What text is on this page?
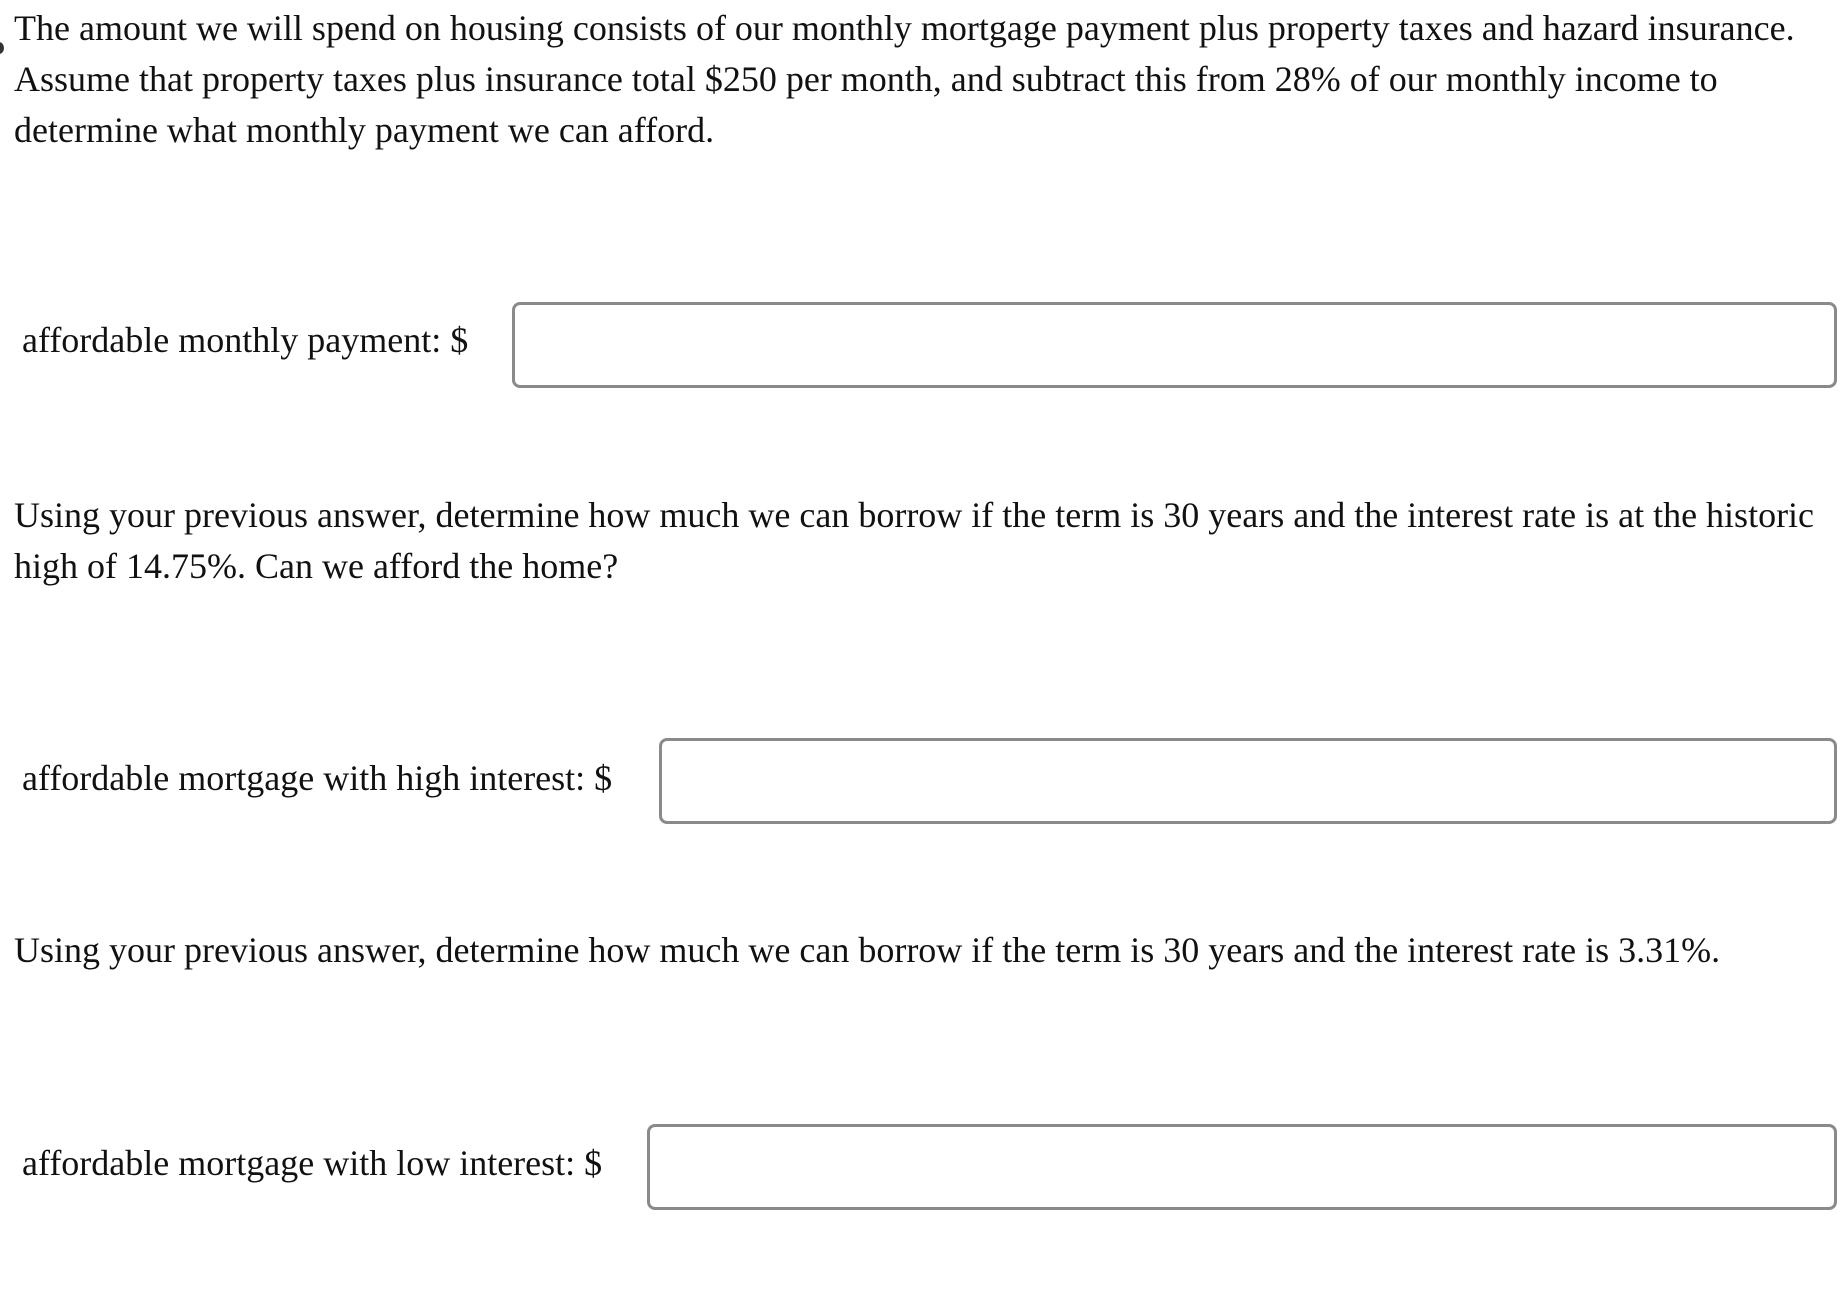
The amount we will spend on housing consists of our monthly mortgage payment plus property taxes and hazard insurance. Assume that property taxes plus insurance total $250 per month, and subtract this from 28% of our monthly income to determine what monthly payment we can afford.

affordable monthly payment: $

Using your previous answer, determine how much we can borrow if the term is 30 years and the interest rate is at the historic high of 14.75%. Can we afford the home?

affordable mortgage with high interest: $

Using your previous answer, determine how much we can borrow if the term is 30 years and the interest rate is 3.31%.

affordable mortgage with low interest: $
